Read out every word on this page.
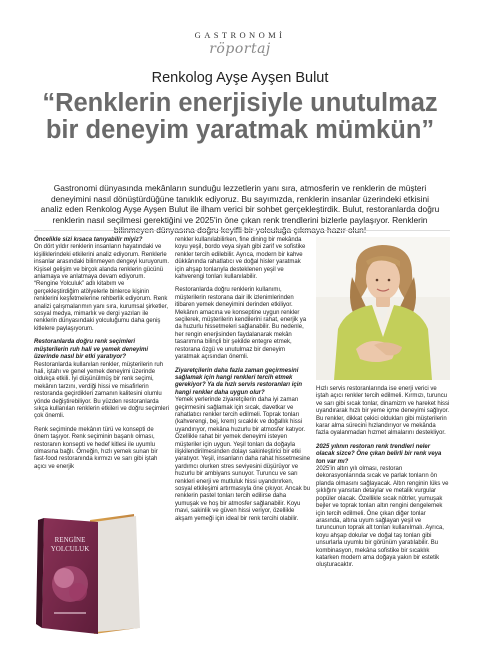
GASTRONOMİ
röportaj
Renkolog Ayşe Ayşen Bulut
“Renklerin enerjisiyle unutulmaz bir deneyim yaratmak mümkün”
Gastronomi dünyasında mekânların sunduğu lezzetlerin yanı sıra, atmosferin ve renklerin de müşteri deneyimini nasıl dönüştürdüğüne tanıklık ediyoruz. Bu sayımızda, renklerin insanlar üzerindeki etkisini analiz eden Renkolog Ayşe Ayşen Bulut ile ilham verici bir sohbet gerçekleştirdik. Bulut, restoranlarda doğru renklerin nasıl seçilmesi gerektiğini ve 2025'in öne çıkan renk trendlerini bizlerle paylaşıyor. Renklerin bilinmeyen dünyasına doğru keyifli bir yolculuğa çıkmaya hazır olun!

Öncelikle sizi kısaca tanıyabilir miyiz?

On dört yıldır renklerin insanların hayatındaki ve kişiliklerindeki etkilerini analiz ediyorum. Renklerle insanlar arasındaki bilinmeyen dengeyi kuruyorum. Kişisel gelişim ve birçok alanda renklerin gücünü anlamaya ve anlatmaya devam ediyorum. “Rengine Yolculuk” adlı kitabım ve gerçekleştirdiğim atölyelerle binlerce kişinin renklerini keşfetmelerine rehberlik ediyorum. Renk analizi çalışmalarımın yanı sıra, kurumsal şirketler, sosyal medya, mimarlık ve dergi yazıları ile renklerin dünyasındaki yolculuğumu daha geniş kitlelere paylaşıyorum.

Restoranlarda doğru renk seçimleri müşterilerin ruh hali ve yemek deneyimi üzerinde nasıl bir etki yaratıyor?

Restoranlarda kullanılan renkler, müşterilerin ruh hali, iştahı ve genel yemek deneyimi üzerinde oldukça etkili. İyi düşünülmüş bir renk seçimi, mekânın tarzını, verdiği hissi ve misafirlerin restoranda geçirdikleri zamanın kalitesini olumlu yönde değiştirebiliyor. Bu yüzden restoranlarda sıkça kullanılan renklerin etkileri ve doğru seçimleri çok önemli.

Renk seçiminde mekânın türü ve konsepti de önem taşıyor. Renk seçiminin başarılı olması, restoranın konsepti ve hedef kitlesi ile uyumlu olmasına bağlı. Örneğin, hızlı yemek sunan bir fast-food restoranında kırmızı ve sarı gibi iştah açıcı ve enerjik

RENGİNE
YOLCULUK

renkler kullanılabilirken, fine dining bir mekânda koyu yeşil, bordo veya siyah gibi zarif ve sofistike renkler tercih edilebilir. Ayrıca, modern bir kahve dükkânında rahatlatıcı ve doğal hisler yaratmak için ahşap tonlarıyla desteklenen yeşil ve kahverengi tonları kullanılabilir.

Restoranlarda doğru renklerin kullanımı, müşterilerin restorana dair ilk izlenimlerinden itibaren yemek deneyimini derinden etkiliyor. Mekânın amacına ve konseptine uygun renkler seçilerek, müşterilerin kendilerini rahat, enerjik ya da huzurlu hissetmeleri sağlanabilir. Bu nedenle, her rengin enerjisinden faydalanarak mekân tasarımına bilinçli bir şekilde entegre etmek, restorana özgü ve unutulmaz bir deneyim yaratmak açısından önemli.

Ziyaretçilerin daha fazla zaman geçirmesini sağlamak için hangi renkleri tercih etmek gerekiyor? Ya da hızlı servis restoranları için hangi renkler daha uygun olur?

Yemek yerlerinde ziyaretçilerin daha iyi zaman geçirmesini sağlamak için sıcak, davetkar ve rahatlatıcı renkler tercih edilmeli. Toprak tonları (kahverengi, bej, krem) sıcaklık ve doğallık hissi uyandırıyor, mekâna huzurlu bir atmosfer katıyor. Özellikle rahat bir yemek deneyimi isteyen müşteriler için uygun. Yeşil tonları da doğayla ilişkilendirilmesinden dolayı sakinleştirici bir etki yaratıyor. Yeşil, insanların daha rahat hissetmesine yardımcı olurken stres seviyesini düşürüyor ve huzurlu bir ambiyans sunuyor. Turuncu ve sarı renkleri enerji ve mutluluk hissi uyandırırken, sosyal etkileşimi artırmasıyla öne çıkıyor. Ancak bu renklerin pastel tonları tercih edilirse daha yumuşak ve hoş bir atmosfer sağlanabilir. Koyu mavi, sakinlik ve güven hissi veriyor, özellikle akşam yemeği için ideal bir renk tercihi olabilir.

Hızlı servis restoranlarında ise enerji verici ve iştah açıcı renkler tercih edilmeli. Kırmızı, turuncu ve sarı gibi sıcak tonlar, dinamizm ve hareket hissi uyandırarak hızlı bir yeme içme deneyimi sağlıyor. Bu renkler, dikkat çekici oldukları gibi müşterilerin karar alma sürecini hızlandırıyor ve mekânda fazla oyalanmadan hızmet almalarını destekliyor.

2025 yılının restoran renk trendleri neler olacak sizce? Öne çıkan belirli bir renk veya ton var mı?

2025'in altın yılı olması, restoran dekorasyonlarında sıcak ve parlak tonların ön planda olmasını sağlayacak. Altın renginin lüks ve şıklığını yansıtan detaylar ve metalik vurgular popüler olacak. Özellikle sıcak nötrler, yumuşak bejler ve toprak tonları altın rengini dengelemek için tercih edilmeli. Öne çıkan diğer tonlar arasında, altına uyum sağlayan yeşil ve turuncunun toprak alt tonları kullanılmalı. Ayrıca, koyu ahşap dokular ve doğal taş tonları gibi unsurlarla uyumlu bir görünüm yaratılabilir. Bu kombinasyon, mekâna sofistike bir sıcaklık katarken modern ama doğaya yakın bir estetik oluşturacaktır.
